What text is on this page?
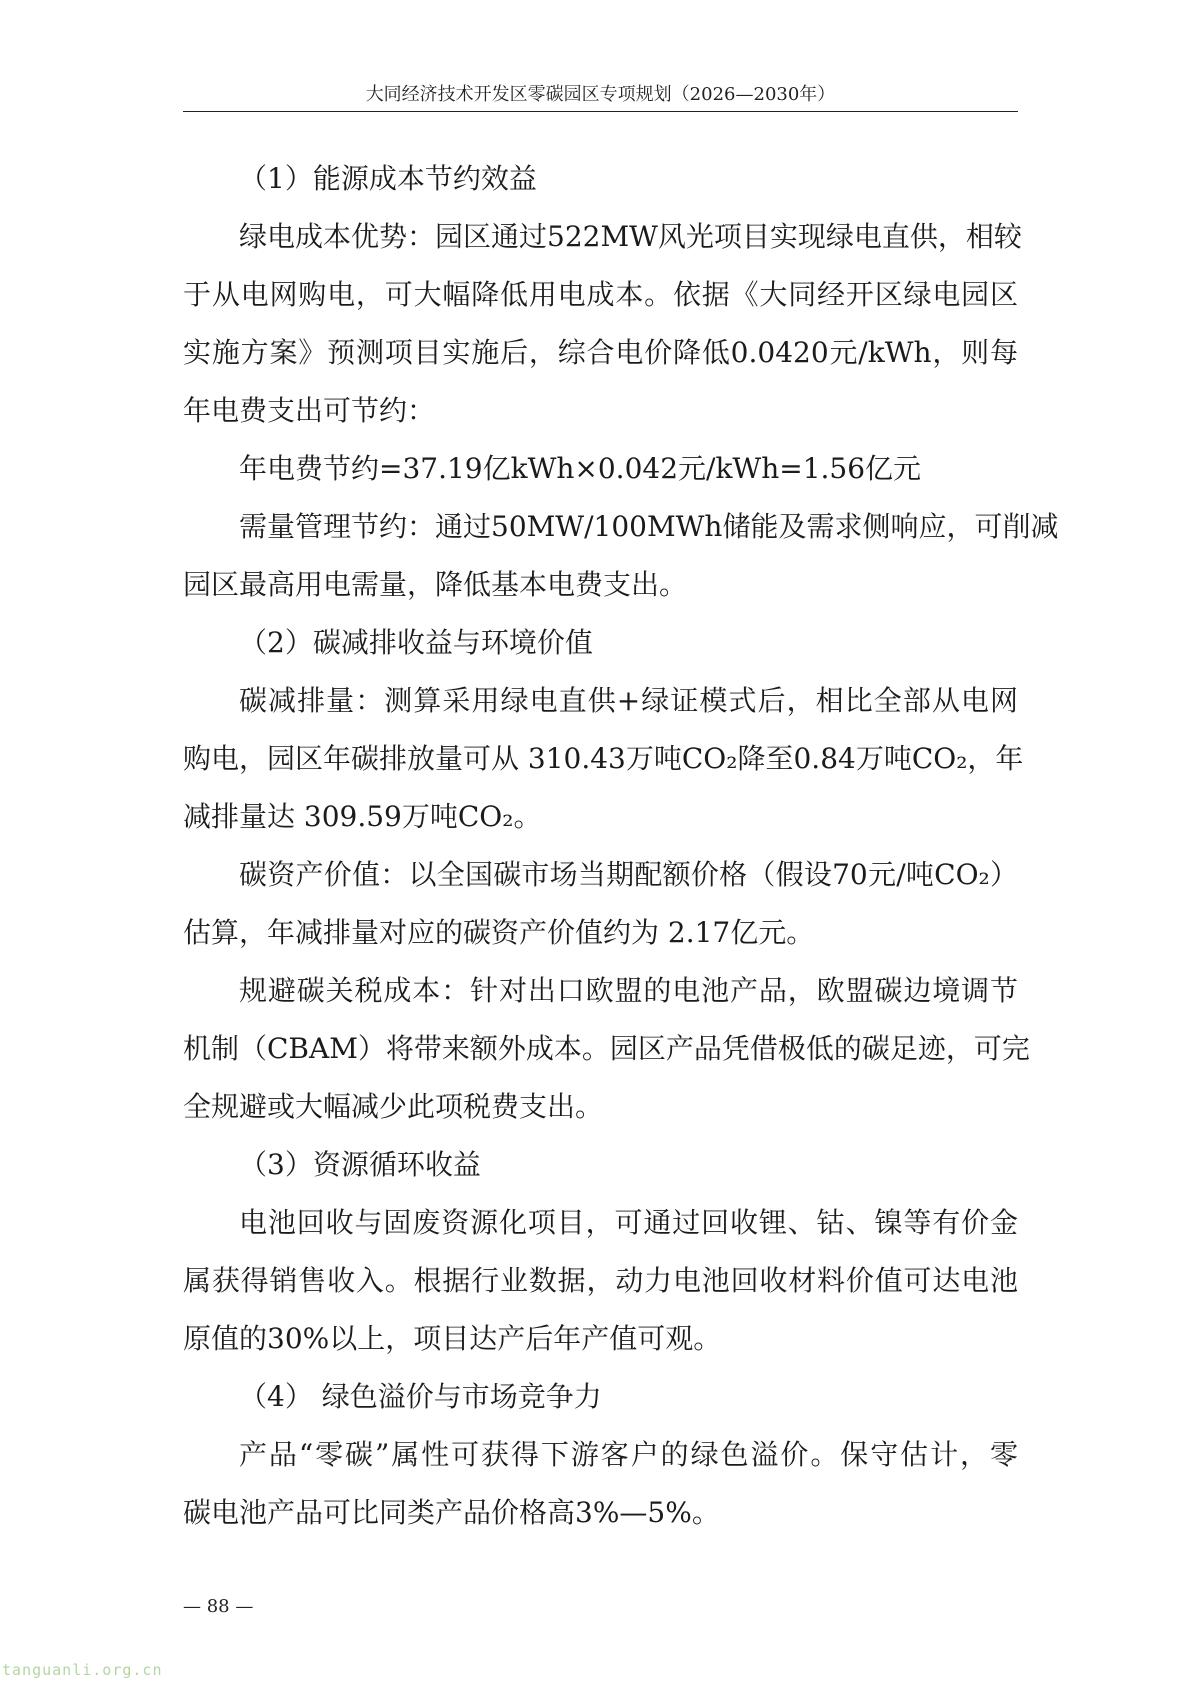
大同经济技术开发区零碳园区专项规划（2026—2030年）
（1）能源成本节约效益
绿电成本优势：园区通过522MW风光项目实现绿电直供，相较
于从电网购电，可大幅降低用电成本。依据《大同经开区绿电园区
实施方案》预测项目实施后，综合电价降低0.0420元/kWh，则每
年电费支出可节约：
年电费节约=37.19亿kWh×0.042元/kWh=1.56亿元
需量管理节约：通过50MW/100MWh储能及需求侧响应，可削减
园区最高用电需量，降低基本电费支出。
（2）碳减排收益与环境价值
碳减排量：测算采用绿电直供+绿证模式后，相比全部从电网
购电，园区年碳排放量可从 310.43万吨CO₂降至0.84万吨CO₂，年
减排量达 309.59万吨CO₂。
碳资产价值：以全国碳市场当期配额价格（假设70元/吨CO₂）
估算，年减排量对应的碳资产价值约为 2.17亿元。
规避碳关税成本：针对出口欧盟的电池产品，欧盟碳边境调节
机制（CBAM）将带来额外成本。园区产品凭借极低的碳足迹，可完
全规避或大幅减少此项税费支出。
（3）资源循环收益
电池回收与固废资源化项目，可通过回收锂、钴、镍等有价金
属获得销售收入。根据行业数据，动力电池回收材料价值可达电池
原值的30%以上，项目达产后年产值可观。
（4） 绿色溢价与市场竞争力
产品“零碳”属性可获得下游客户的绿色溢价。保守估计，零
碳电池产品可比同类产品价格高3%—5%。
— 88 —
tanguanli.org.cn
